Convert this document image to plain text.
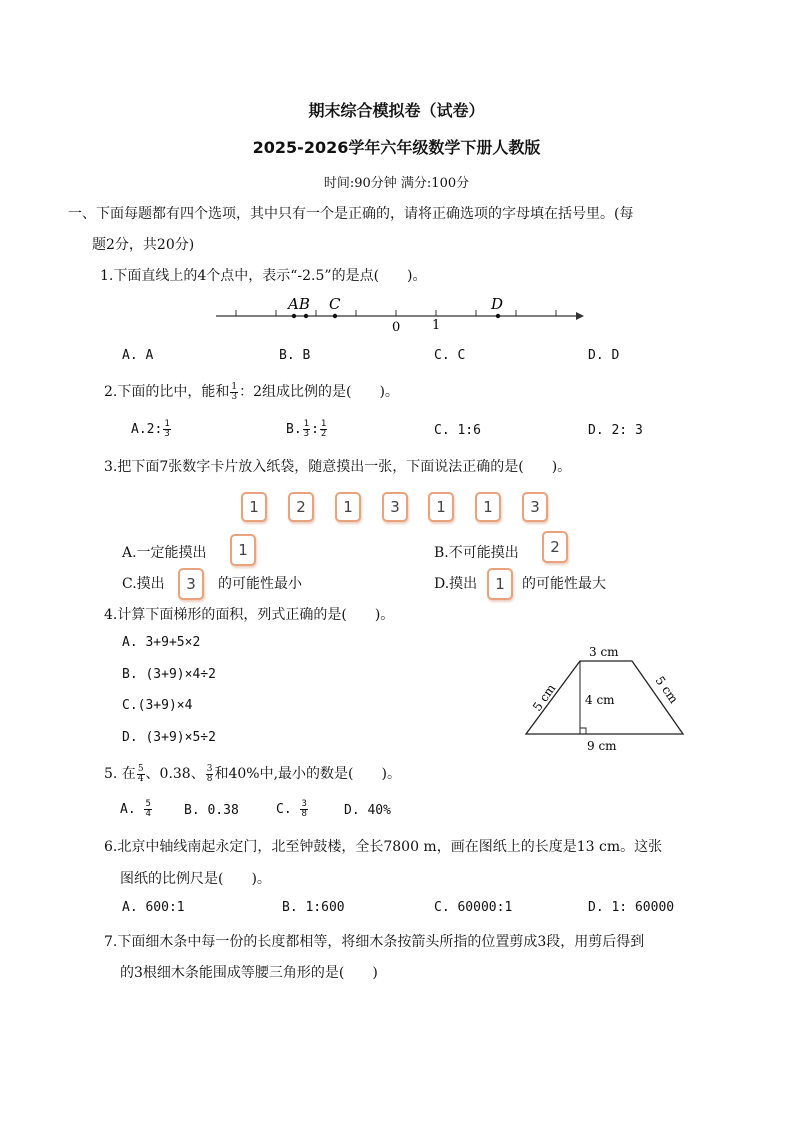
期末综合模拟卷（试卷）
2025-2026学年六年级数学下册人教版
时间:90分钟 满分:100分
一、下面每题都有四个选项，其中只有一个是正确的，请将正确选项的字母填在括号里。(每
题2分，共20分)
1.下面直线上的4个点中，表示“-2.5”的是点(　　)。
AB C	D
0 1
A. A	B. B	C. C	D. D
2.下面的比中，能和 $\frac{1}{3}$ ：2组成比例的是(　　)。
A.2: $\frac{1}{3}$	B. $\frac{1}{3}$ : $\frac{1}{2}$	C. 1:6	D. 2: 3
3.把下面7张数字卡片放入纸袋，随意摸出一张，下面说法正确的是(　　)。
1	2	1	3	1	1	3
A.一定能摸出	1	B.不可能摸出	2
C.摸出	3	的可能性最小	D.摸出	1	的可能性最大
4.计算下面梯形的面积，列式正确的是(　　)。
A. 3+9+5×2
B. (3+9)×4÷2
C.(3+9)×4
D. (3+9)×5÷2
3 cm
4 cm
9 cm
5 cm	5 cm
5. 在 $\frac{5}{4}$ 、0.38、 $\frac{3}{8}$ 和40%中,最小的数是(　　)。
A. $\frac{5}{4} B$. 0.38	C. $\frac{3}{8}$	D. 40%
6.北京中轴线南起永定门，北至钟鼓楼，全长7800 m，画在图纸上的长度是13 cm。这张
图纸的比例尺是(　　)。
A. 600:1	B. 1:600	C. 60000:1	D. 1: 60000
7.下面细木条中每一份的长度都相等，将细木条按箭头所指的位置剪成3段，用剪后得到
的3根细木条能围成等腰三角形的是(　　)
